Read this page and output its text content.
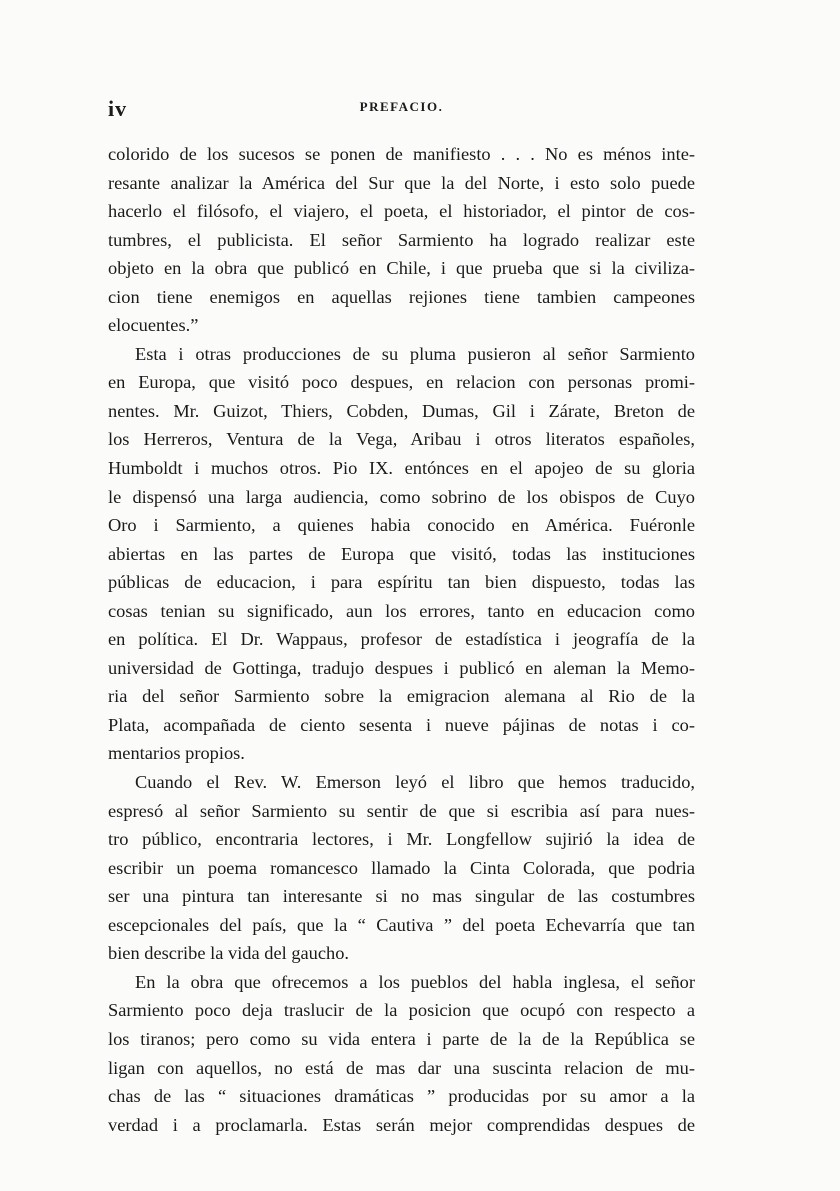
iv	PREFACIO.
colorido de los sucesos se ponen de manifiesto . . . No es ménos inte-
resante analizar la América del Sur que la del Norte, i esto solo puede
hacerlo el filósofo, el viajero, el poeta, el historiador, el pintor de cos-
tumbres, el publicista. El señor Sarmiento ha logrado realizar este
objeto en la obra que publicó en Chile, i que prueba que si la civiliza-
cion tiene enemigos en aquellas rejiones tiene tambien campeones
elocuentes.”
Esta i otras producciones de su pluma pusieron al señor Sarmiento
en Europa, que visitó poco despues, en relacion con personas promi-
nentes. Mr. Guizot, Thiers, Cobden, Dumas, Gil i Zárate, Breton de
los Herreros, Ventura de la Vega, Aribau i otros literatos españoles,
Humboldt i muchos otros. Pio IX. entónces en el apojeo de su gloria
le dispensó una larga audiencia, como sobrino de los obispos de Cuyo
Oro i Sarmiento, a quienes habia conocido en América. Fuéronle
abiertas en las partes de Europa que visitó, todas las instituciones
públicas de educacion, i para espíritu tan bien dispuesto, todas las
cosas tenian su significado, aun los errores, tanto en educacion como
en política. El Dr. Wappaus, profesor de estadística i jeografía de la
universidad de Gottinga, tradujo despues i publicó en aleman la Memo-
ria del señor Sarmiento sobre la emigracion alemana al Rio de la
Plata, acompañada de ciento sesenta i nueve pájinas de notas i co-
mentarios propios.
Cuando el Rev. W. Emerson leyó el libro que hemos traducido,
espresó al señor Sarmiento su sentir de que si escribia así para nues-
tro público, encontraria lectores, i Mr. Longfellow sujirió la idea de
escribir un poema romancesco llamado la Cinta Colorada, que podria
ser una pintura tan interesante si no mas singular de las costumbres
escepcionales del país, que la “ Cautiva ” del poeta Echevarría que tan
bien describe la vida del gaucho.
En la obra que ofrecemos a los pueblos del habla inglesa, el señor
Sarmiento poco deja traslucir de la posicion que ocupó con respecto a
los tiranos; pero como su vida entera i parte de la de la República se
ligan con aquellos, no está de mas dar una suscinta relacion de mu-
chas de las “ situaciones dramáticas ” producidas por su amor a la
verdad i a proclamarla. Estas serán mejor comprendidas despues de
